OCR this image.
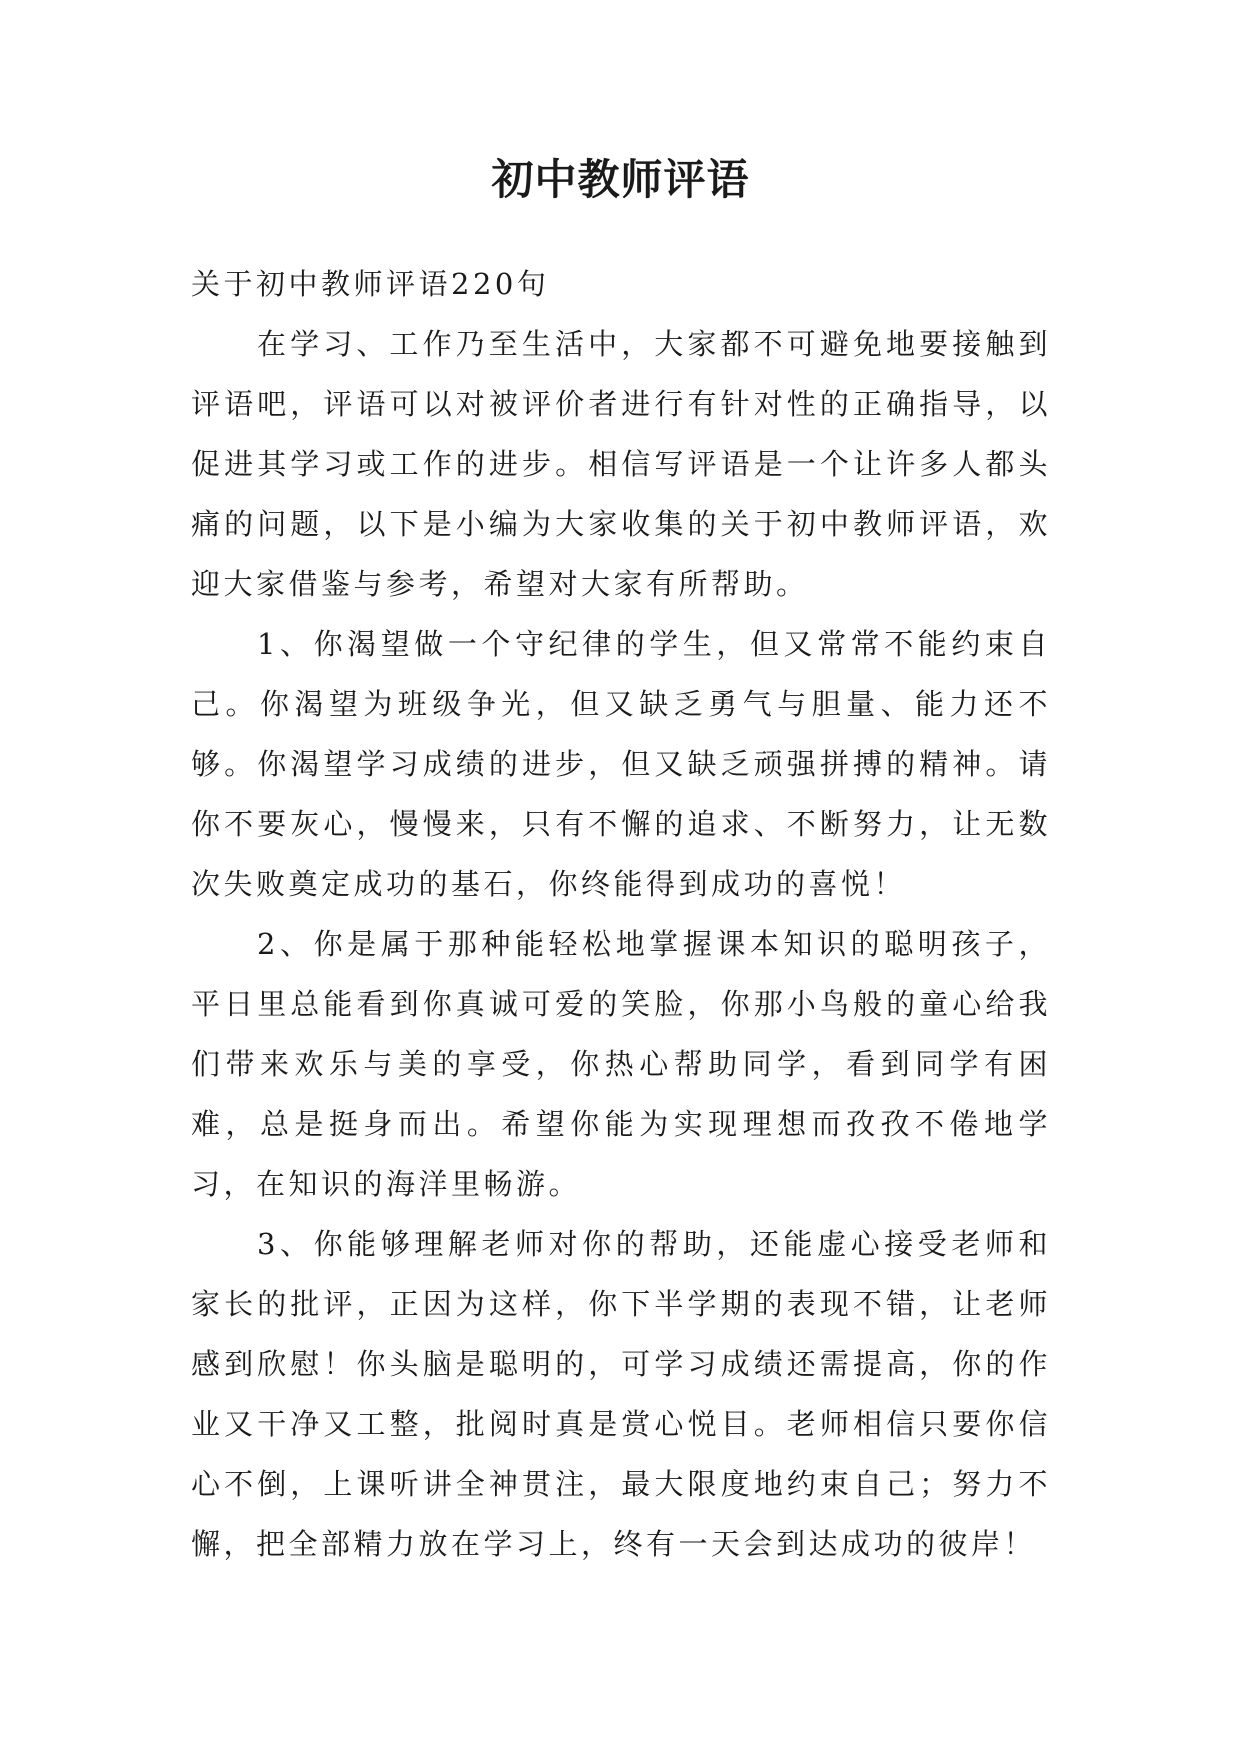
初中教师评语

关于初中教师评语220句

在学习、工作乃至生活中，大家都不可避免地要接触到评语吧，评语可以对被评价者进行有针对性的正确指导，以促进其学习或工作的进步。相信写评语是一个让许多人都头痛的问题，以下是小编为大家收集的关于初中教师评语，欢迎大家借鉴与参考，希望对大家有所帮助。

1、你渴望做一个守纪律的学生，但又常常不能约束自己。你渴望为班级争光，但又缺乏勇气与胆量、能力还不够。你渴望学习成绩的进步，但又缺乏顽强拼搏的精神。请你不要灰心，慢慢来，只有不懈的追求、不断努力，让无数次失败奠定成功的基石，你终能得到成功的喜悦！

2、你是属于那种能轻松地掌握课本知识的聪明孩子，平日里总能看到你真诚可爱的笑脸，你那小鸟般的童心给我们带来欢乐与美的享受，你热心帮助同学，看到同学有困难，总是挺身而出。希望你能为实现理想而孜孜不倦地学习，在知识的海洋里畅游。

3、你能够理解老师对你的帮助，还能虚心接受老师和家长的批评，正因为这样，你下半学期的表现不错，让老师感到欣慰！你头脑是聪明的，可学习成绩还需提高，你的作业又干净又工整，批阅时真是赏心悦目。老师相信只要你信心不倒，上课听讲全神贯注，最大限度地约束自己；努力不懈，把全部精力放在学习上，终有一天会到达成功的彼岸！
